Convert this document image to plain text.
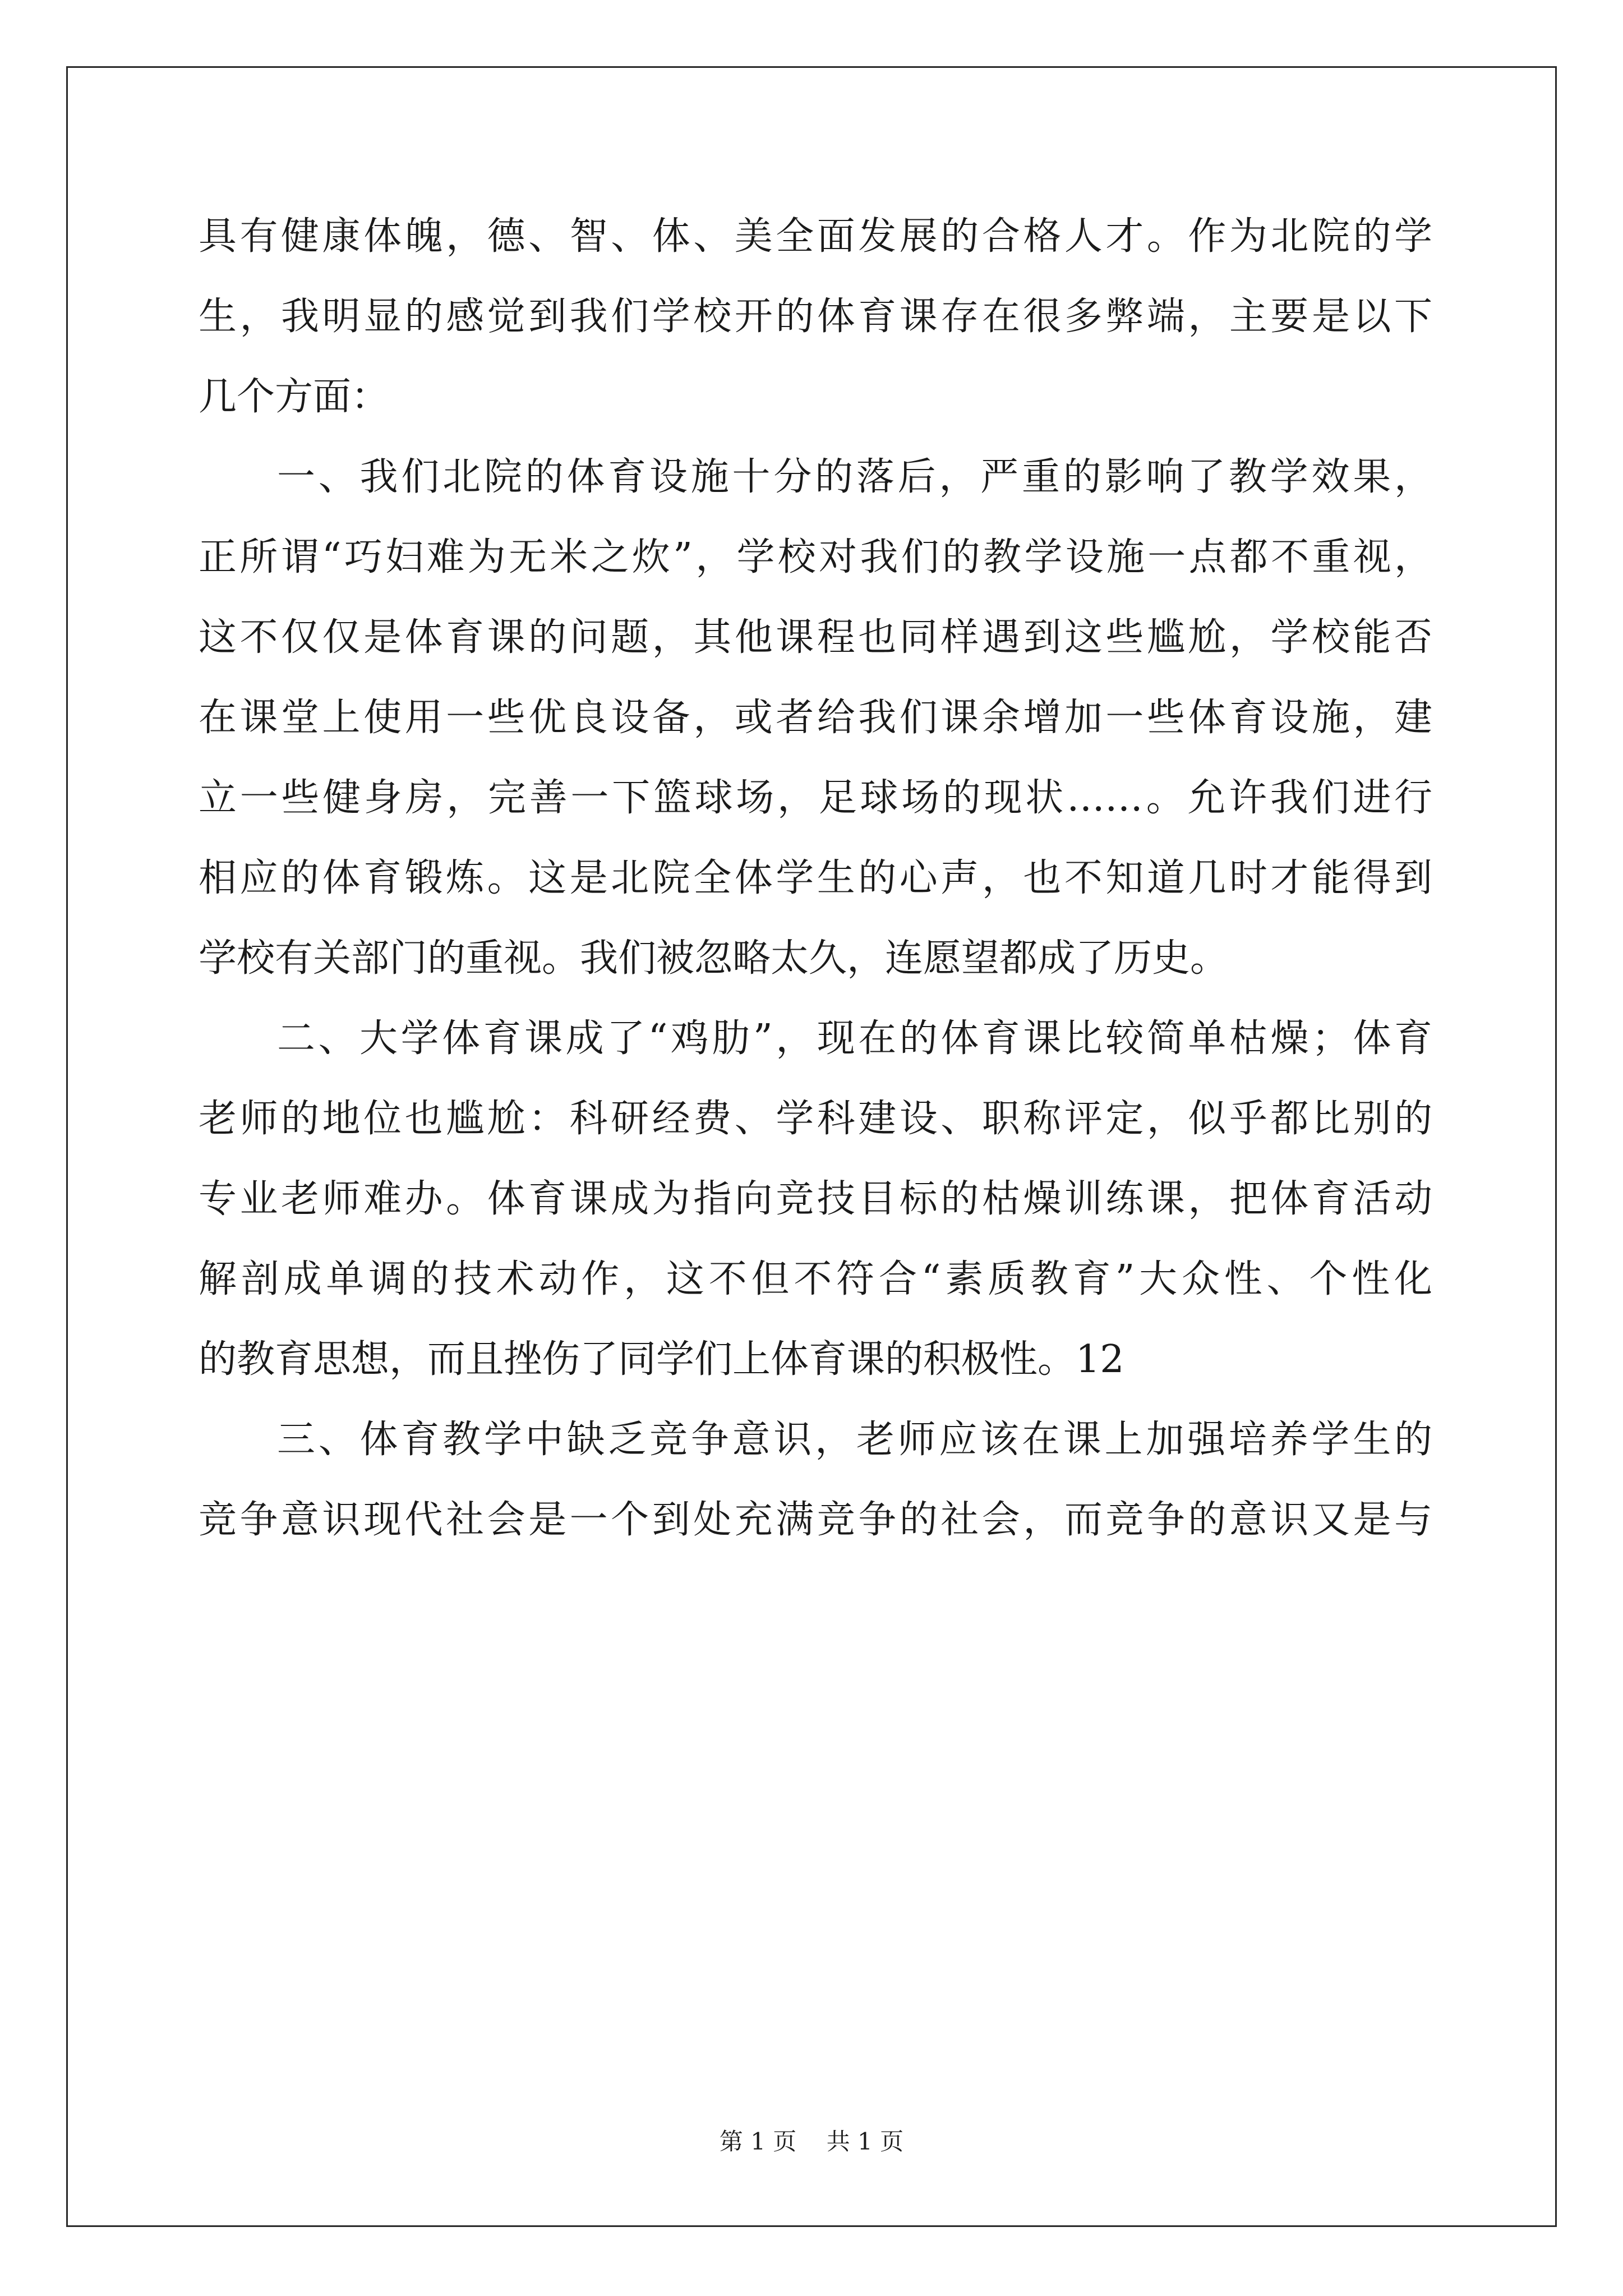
具有健康体魄，德、智、体、美全面发展的合格人才。作为北院的学
生，我明显的感觉到我们学校开的体育课存在很多弊端，主要是以下
几个方面：
一、我们北院的体育设施十分的落后，严重的影响了教学效果，
正所谓“巧妇难为无米之炊”，学校对我们的教学设施一点都不重视，
这不仅仅是体育课的问题，其他课程也同样遇到这些尴尬，学校能否
在课堂上使用一些优良设备，或者给我们课余增加一些体育设施，建
立一些健身房，完善一下篮球场，足球场的现状……。允许我们进行
相应的体育锻炼。这是北院全体学生的心声，也不知道几时才能得到
学校有关部门的重视。我们被忽略太久，连愿望都成了历史。
二、大学体育课成了“鸡肋”，现在的体育课比较简单枯燥；体育
老师的地位也尴尬：科研经费、学科建设、职称评定，似乎都比别的
专业老师难办。体育课成为指向竞技目标的枯燥训练课，把体育活动
解剖成单调的技术动作，这不但不符合“素质教育”大众性、个性化
的教育思想，而且挫伤了同学们上体育课的积极性。12
三、体育教学中缺乏竞争意识，老师应该在课上加强培养学生的
竞争意识现代社会是一个到处充满竞争的社会，而竞争的意识又是与
第 1 页    共 1 页
